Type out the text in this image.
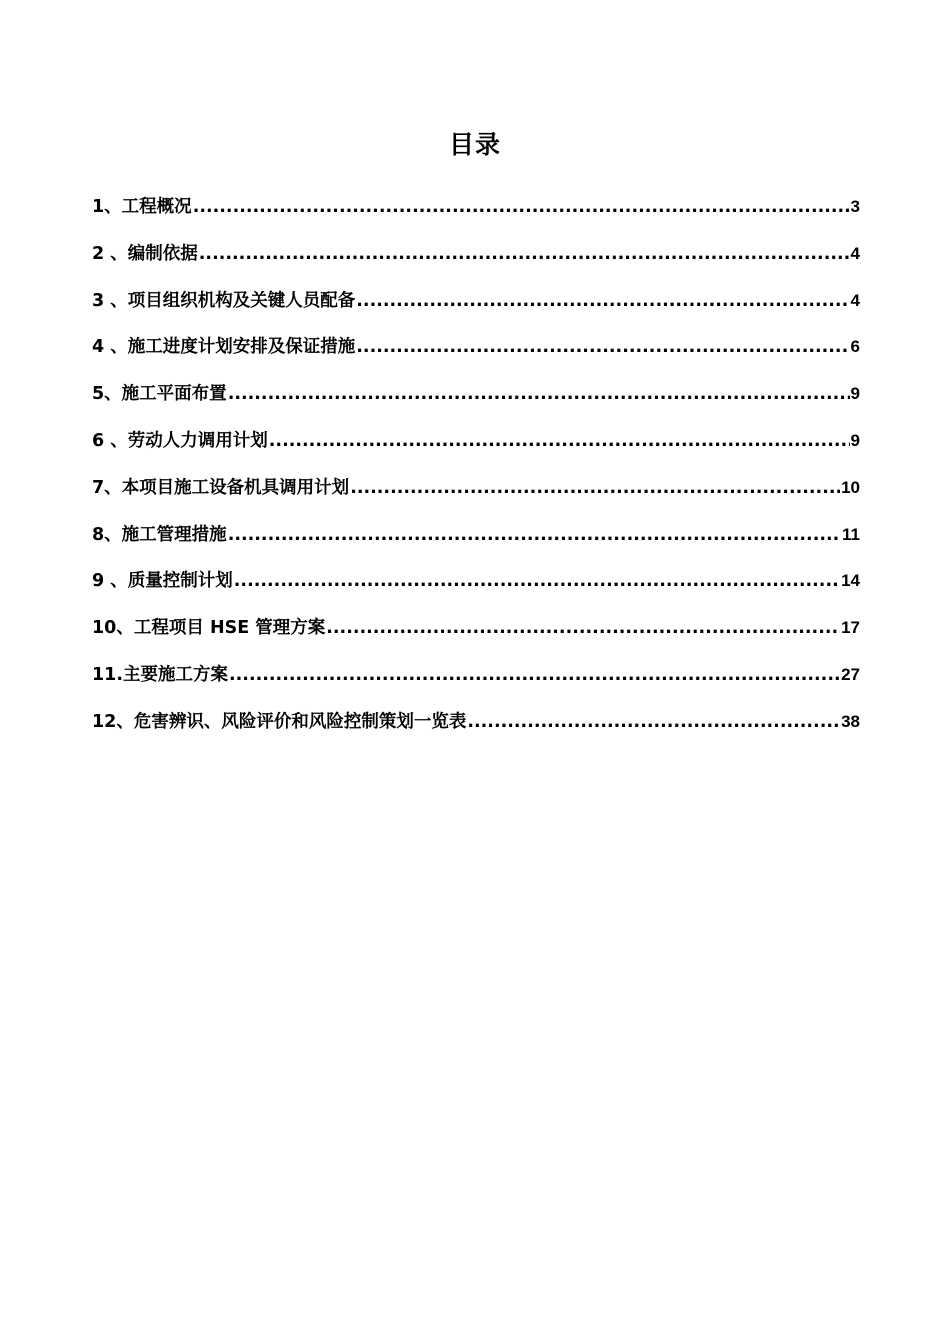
目录
1、工程概况 .....	3
2 、编制依据 .....	4
3 、项目组织机构及关键人员配备 .....	4
4 、施工进度计划安排及保证措施 .....	6
5、施工平面布置 .....	9
6 、劳动人力调用计划 .....	9
7、本项目施工设备机具调用计划 .....	10
8、施工管理措施 .....	11
9 、质量控制计划 .....	14
10、工程项目 HSE 管理方案 .....	17
11.主要施工方案 .....	27
12、危害辨识、风险评价和风险控制策划一览表 .....	38
